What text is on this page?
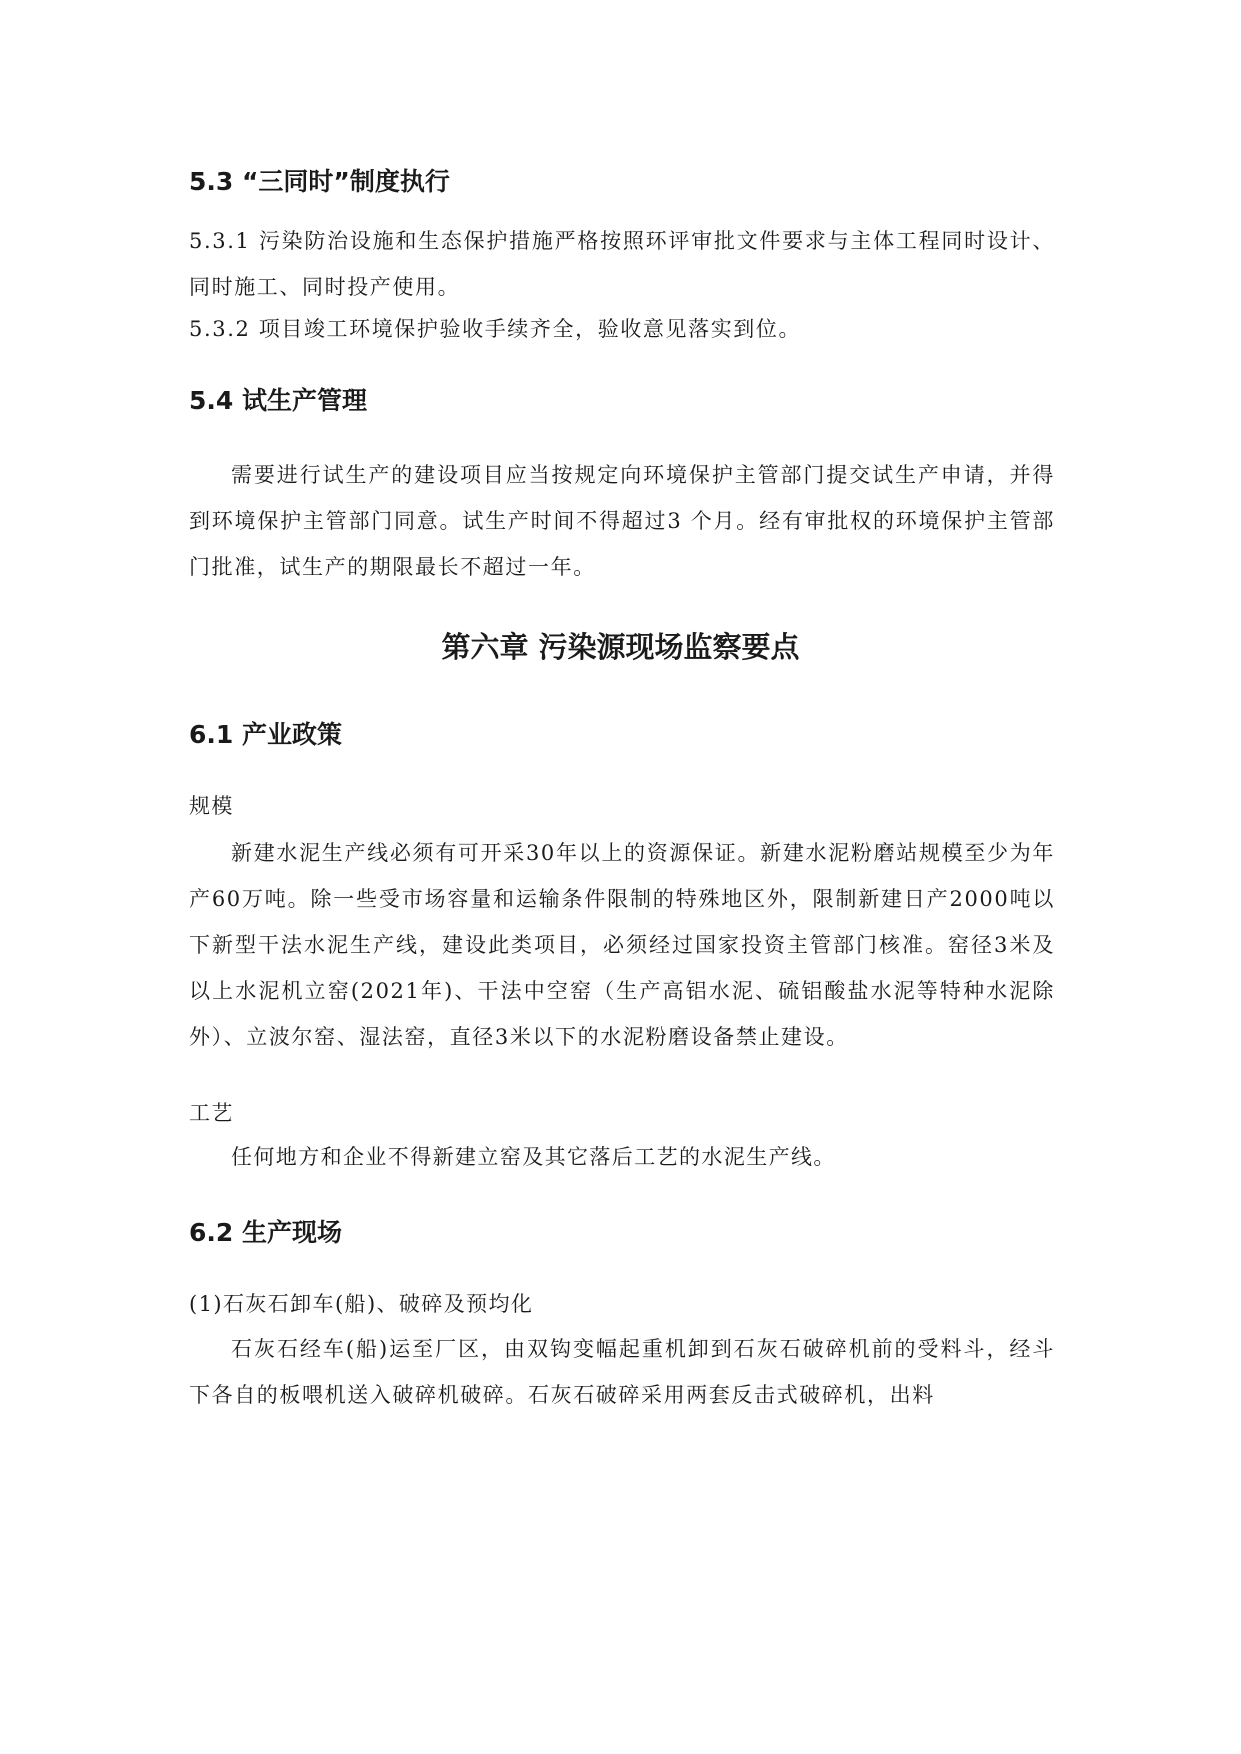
5.3 “三同时”制度执行

5.3.1 污染防治设施和生态保护措施严格按照环评审批文件要求与主体工程同时设计、同时施工、同时投产使用。

5.3.2 项目竣工环境保护验收手续齐全，验收意见落实到位。

5.4 试生产管理

需要进行试生产的建设项目应当按规定向环境保护主管部门提交试生产申请，并得到环境保护主管部门同意。试生产时间不得超过3 个月。经有审批权的环境保护主管部门批准，试生产的期限最长不超过一年。

第六章 污染源现场监察要点
6.1 产业政策

规模

新建水泥生产线必须有可开采30年以上的资源保证。新建水泥粉磨站规模至少为年产60万吨。除一些受市场容量和运输条件限制的特殊地区外，限制新建日产2000吨以下新型干法水泥生产线，建设此类项目，必须经过国家投资主管部门核准。窑径3米及以上水泥机立窑(2021年)、干法中空窑（生产高铝水泥、硫铝酸盐水泥等特种水泥除外）、立波尔窑、湿法窑，直径3米以下的水泥粉磨设备禁止建设。

工艺

任何地方和企业不得新建立窑及其它落后工艺的水泥生产线。

6.2 生产现场

(1)石灰石卸车(船)、破碎及预均化

石灰石经车(船)运至厂区，由双钩变幅起重机卸到石灰石破碎机前的受料斗，经斗下各自的板喂机送入破碎机破碎。石灰石破碎采用两套反击式破碎机，出料
